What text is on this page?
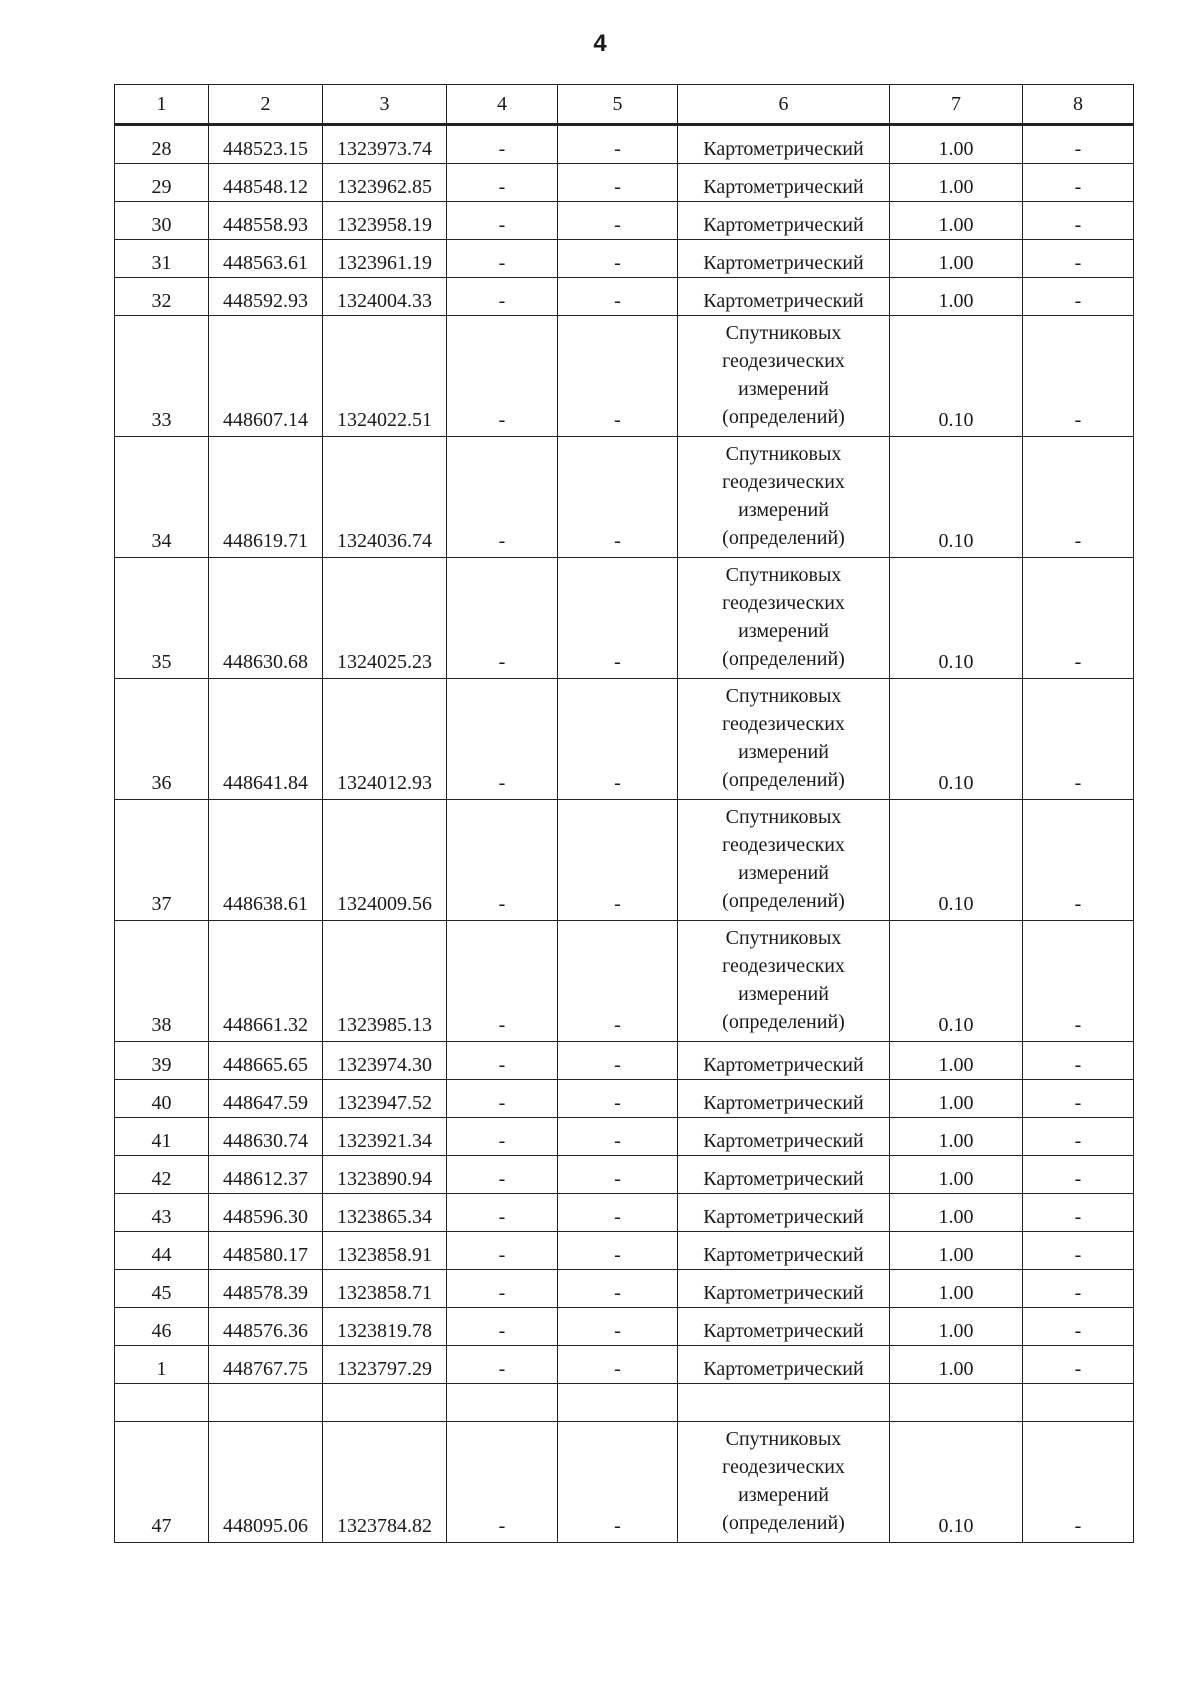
4
1	2	3	4	5	6	7	8
28	448523.15	1323973.74	-	-	Картометрический	1.00	-
29	448548.12	1323962.85	-	-	Картометрический	1.00	-
30	448558.93	1323958.19	-	-	Картометрический	1.00	-
31	448563.61	1323961.19	-	-	Картометрический	1.00	-
32	448592.93	1324004.33	-	-	Картометрический	1.00	-
33	448607.14	1324022.51	-	-	Спутниковых
геодезических
измерений
(определений)	0.10	-
34	448619.71	1324036.74	-	-	Спутниковых
геодезических
измерений
(определений)	0.10	-
35	448630.68	1324025.23	-	-	Спутниковых
геодезических
измерений
(определений)	0.10	-
36	448641.84	1324012.93	-	-	Спутниковых
геодезических
измерений
(определений)	0.10	-
37	448638.61	1324009.56	-	-	Спутниковых
геодезических
измерений
(определений)	0.10	-
38	448661.32	1323985.13	-	-	Спутниковых
геодезических
измерений
(определений)	0.10	-
39	448665.65	1323974.30	-	-	Картометрический	1.00	-
40	448647.59	1323947.52	-	-	Картометрический	1.00	-
41	448630.74	1323921.34	-	-	Картометрический	1.00	-
42	448612.37	1323890.94	-	-	Картометрический	1.00	-
43	448596.30	1323865.34	-	-	Картометрический	1.00	-
44	448580.17	1323858.91	-	-	Картометрический	1.00	-
45	448578.39	1323858.71	-	-	Картометрический	1.00	-
46	448576.36	1323819.78	-	-	Картометрический	1.00	-
1	448767.75	1323797.29	-	-	Картометрический	1.00	-

47	448095.06	1323784.82	-	-	Спутниковых
геодезических
измерений
(определений)	0.10	-
